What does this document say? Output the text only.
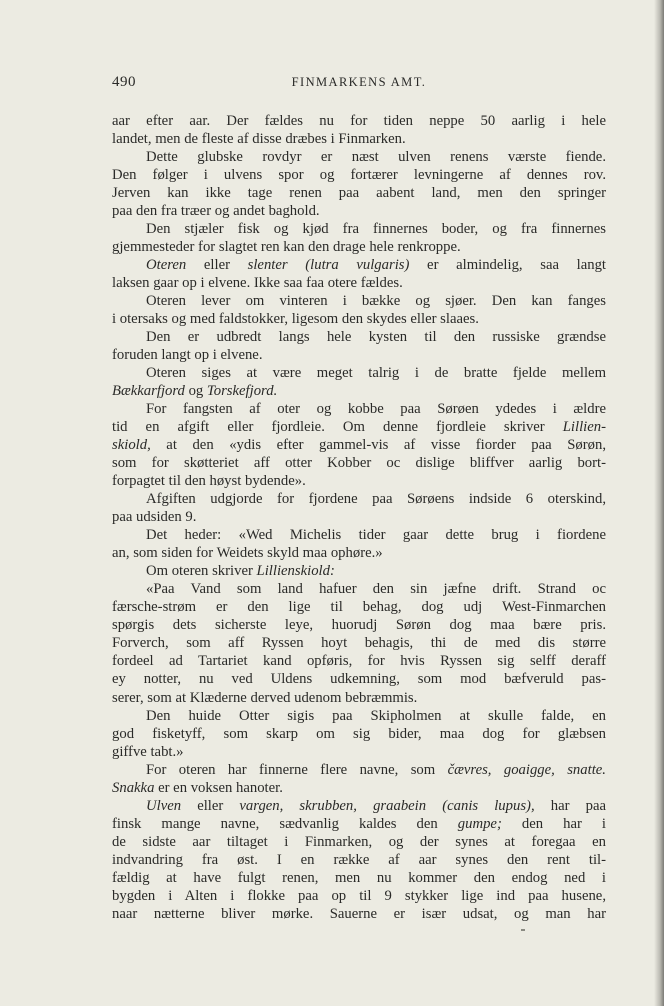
490	FINMARKENS AMT.
aar efter aar. Der fældes nu for tiden neppe 50 aarlig i hele
landet, men de fleste af disse dræbes i Finmarken.
Dette glubske rovdyr er næst ulven renens værste fiende.
Den følger i ulvens spor og fortærer levningerne af dennes rov.
Jerven kan ikke tage renen paa aabent land, men den springer
paa den fra træer og andet baghold.
Den stjæler fisk og kjød fra finnernes boder, og fra finnernes
gjemmesteder for slagtet ren kan den drage hele renkroppe.
Oteren eller slenter (lutra vulgaris) er almindelig, saa langt
laksen gaar op i elvene. Ikke saa faa otere fældes.
Oteren lever om vinteren i bække og sjøer. Den kan fanges
i otersaks og med faldstokker, ligesom den skydes eller slaaes.
Den er udbredt langs hele kysten til den russiske grændse
foruden langt op i elvene.
Oteren siges at være meget talrig i de bratte fjelde mellem
Bækkarfjord og Torskefjord.
For fangsten af oter og kobbe paa Sørøen ydedes i ældre
tid en afgift eller fjordleie. Om denne fjordleie skriver Lillien-
skiold, at den «ydis efter gammel-vis af visse fiorder paa Sørøn,
som for skøtteriet aff otter Kobber oc dislige bliffver aarlig bort-
forpagtet til den høyst bydende».
Afgiften udgjorde for fjordene paa Sørøens indside 6 oterskind,
paa udsiden 9.
Det heder: «Wed Michelis tider gaar dette brug i fiordene
an, som siden for Weidets skyld maa ophøre.»
Om oteren skriver Lillienskiold:
«Paa Vand som land hafuer den sin jæfne drift. Strand oc
færsche-strøm er den lige til behag, dog udj West-Finmarchen
spørgis dets sicherste leye, huorudj Sørøn dog maa bære pris.
Forverch, som aff Ryssen hoyt behagis, thi de med dis større
fordeel ad Tartariet kand opføris, for hvis Ryssen sig selff deraff
ey notter, nu ved Uldens udkemning, som mod bæfveruld pas-
serer, som at Klæderne derved udenom bebræmmis.
Den huide Otter sigis paa Skipholmen at skulle falde, en
god fisketyff, som skarp om sig bider, maa dog for glæbsen
giffve tabt.»
For oteren har finnerne flere navne, som čævres, goaigge, snatte.
Snakka er en voksen hanoter.
Ulven eller vargen, skrubben, graabein (canis lupus), har paa
finsk mange navne, sædvanlig kaldes den gumpe; den har i
de sidste aar tiltaget i Finmarken, og der synes at foregaa en
indvandring fra øst. I en række af aar synes den rent til-
fældig at have fulgt renen, men nu kommer den endog ned i
bygden i Alten i flokke paa op til 9 stykker lige ind paa husene,
naar nætterne bliver mørke. Sauerne er især udsat, og man har
